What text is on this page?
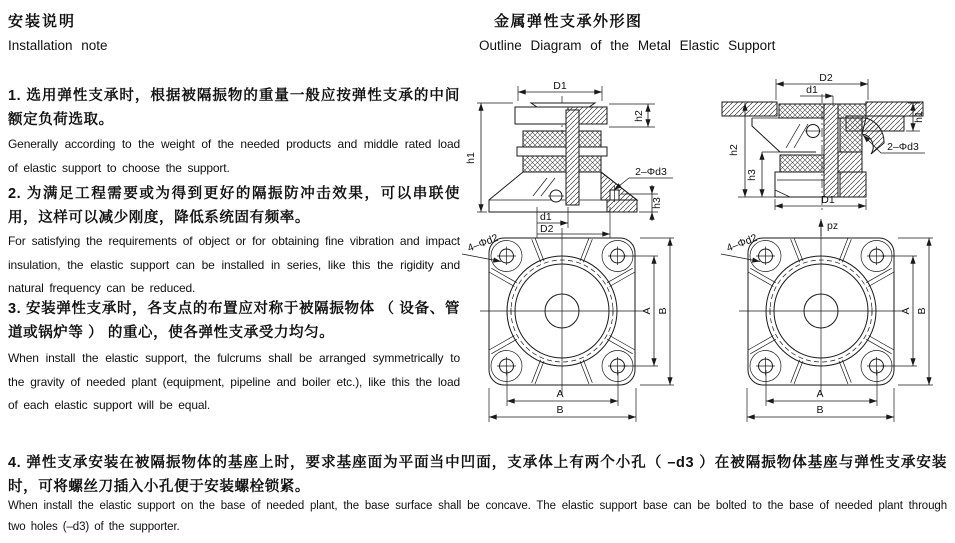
安装说明
Installation note
金属弹性支承外形图
Outline Diagram of the Metal Elastic Support
1. 选用弹性支承时，根据被隔振物的重量一般应按弹性支承的中间额定负荷选取。
Generally according to the weight of the needed products and middle rated load of elastic support to choose the support.
2. 为满足工程需要或为得到更好的隔振防冲击效果，可以串联使用，这样可以减少刚度，降低系统固有频率。
For satisfying the requirements of object or for obtaining fine vibration and impact insulation, the elastic support can be installed in series, like this the rigidity and natural frequency can be reduced.
3. 安装弹性支承时，各支点的布置应对称于被隔振物体 （ 设备、管道或锅炉等 ） 的重心，使各弹性支承受力均匀。
When install the elastic support, the fulcrums shall be arranged symmetrically to the gravity of needed plant (equipment, pipeline and boiler etc.), like this the load of each elastic support will be equal.
4. 弹性支承安装在被隔振物体的基座上时，要求基座面为平面当中凹面，支承体上有两个小孔（ –d3 ）在被隔振物体基座与弹性支承安装时，可将螺丝刀插入小孔便于安装螺栓锁紧。
When install the elastic support on the base of needed plant, the base surface shall be concave. The elastic support base can be bolted to the base of needed plant through two holes (–d3) of the supporter.
D1
h1
h2
2–Φd3
h3
d1
D2
D2
d1
h1
2–Φd3
h2
h3
D1
pz
4–Φd2
A
B
A B
4–Φd2
A
B
A B
